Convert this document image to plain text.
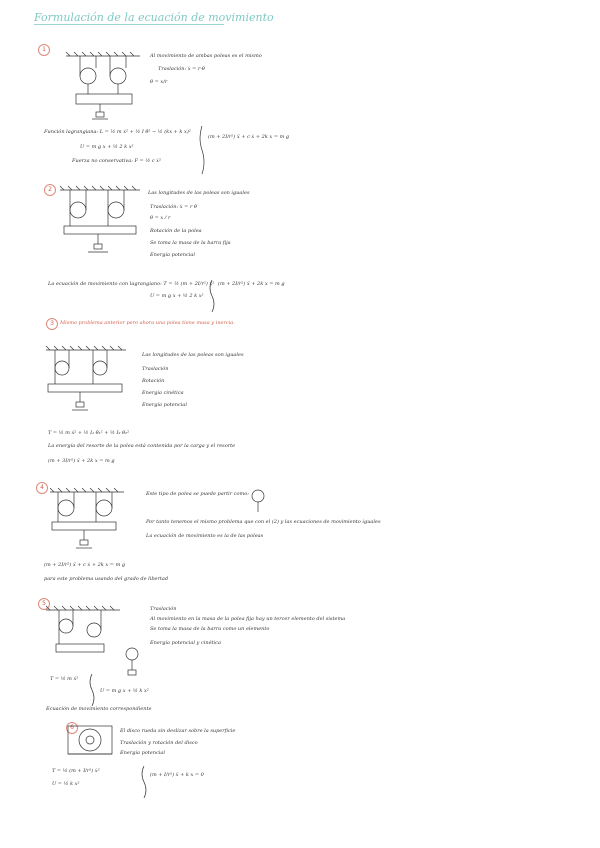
Formulación de la ecuación de movimiento
1
2
3
4
5
6
Al movimiento de ambas poleas es el mismo
Traslación: ẋ = r·θ̇
θ = x/r
Función lagrangiana: L = ½ m ẋ² + ½ I θ̇² − ½ (kx + k x)²
U = m g x + ½ 2 k x²
Fuerza no conservativa: F = ½ c ẋ²
(m + 2I/r²) ẍ + c ẋ + 2k x = m g
Las longitudes de las poleas son iguales
Traslación: ẋ = r θ̇
θ = x / r
Rotación de la polea
Se toma la masa de la barra fija
Energía potencial
La ecuación de movimiento con lagrangiano: T = ½ (m + 2I/r²) ẋ²
U = m g x + ½ 2 k x²
(m + 2I/r²) ẍ + 2k x = m g
Mismo problema anterior pero ahora una polea tiene masa y inercia.
Las longitudes de las poleas son iguales
Traslación
Rotación
Energía cinética
Energía potencial
T = ½ m ẋ² + ½ I₁ θ̇₁² + ½ I₂ θ̇₂²
La energía del resorte de la polea está contenida por la carga y el resorte
(m + 3I/r²) ẍ + 2k x = m g
Este tipo de polea se puede partir como:
Por tanto tenemos el mismo problema que con el (2) y las ecuaciones de movimiento iguales
La ecuación de movimiento es la de las poleas
(m + 2I/r²) ẍ + c ẋ + 2k x = m g
para este problema usando del grado de libertad
Traslación
Al movimiento en la masa de la polea fija hay un tercer elemento del sistema
Se toma la masa de la barra como un elemento
Energía potencial y cinética
T = ½ m ẋ²
U = m g x + ½ k x²
Ecuación de movimiento correspondiente
El disco rueda sin deslizar sobre la superficie
Traslación y rotación del disco
Energía potencial
T = ½ (m + I/r²) ẋ²
U = ½ k x²
(m + I/r²) ẍ + k x = 0
